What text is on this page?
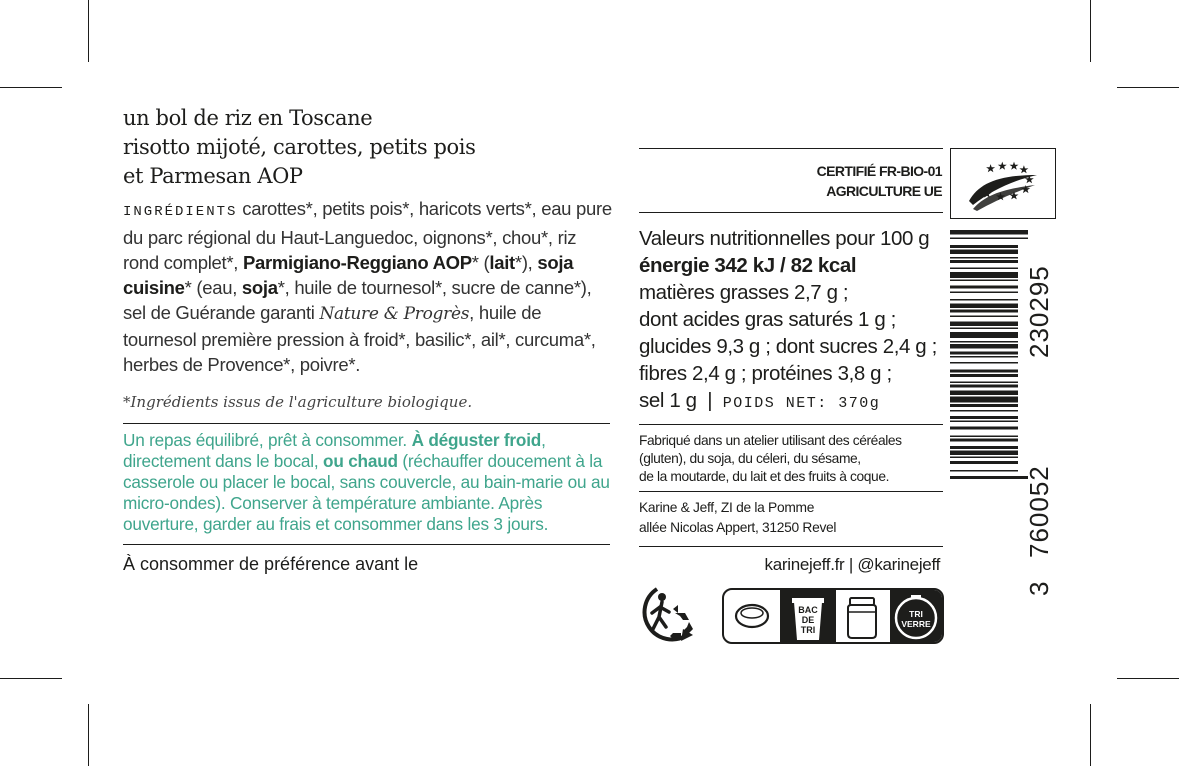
un bol de riz en Toscane
risotto mijoté, carottes, petits pois
et Parmesan AOP
INGRÉDIENTS carottes*, petits pois*, haricots verts*, eau pure du parc régional du Haut-Languedoc, oignons*, chou*, riz rond complet*, Parmigiano-Reggiano AOP* (lait*), soja cuisine* (eau, soja*, huile de tournesol*, sucre de canne*), sel de Guérande garanti Nature & Progrès, huile de tournesol première pression à froid*, basilic*, ail*, curcuma*, herbes de Provence*, poivre*.
*Ingrédients issus de l'agriculture biologique.
Un repas équilibré, prêt à consommer. À déguster froid, directement dans le bocal, ou chaud (réchauffer doucement à la casserole ou placer le bocal, sans couvercle, au bain-marie ou au micro-ondes). Conserver à température ambiante. Après ouverture, garder au frais et consommer dans les 3 jours.
À consommer de préférence avant le
CERTIFIÉ FR-BIO-01
AGRICULTURE UE
Valeurs nutritionnelles pour 100 g énergie 342 kJ / 82 kcal
matières grasses 2,7 g ;
dont acides gras saturés 1 g ;
glucides 9,3 g ; dont sucres 2,4 g ;
fibres 2,4 g ; protéines 3,8 g ;
sel 1 g  |  POIDS NET: 370g
Fabriqué dans un atelier utilisant des céréales
(gluten), du soja, du céleri, du sésame,
de la moutarde, du lait et des fruits à coque.
Karine & Jeff, ZI de la Pomme
allée Nicolas Appert, 31250 Revel
karinejeff.fr | @karinejeff
BAC
DE
TRI
TRI
VERRE
230295
760052
3
